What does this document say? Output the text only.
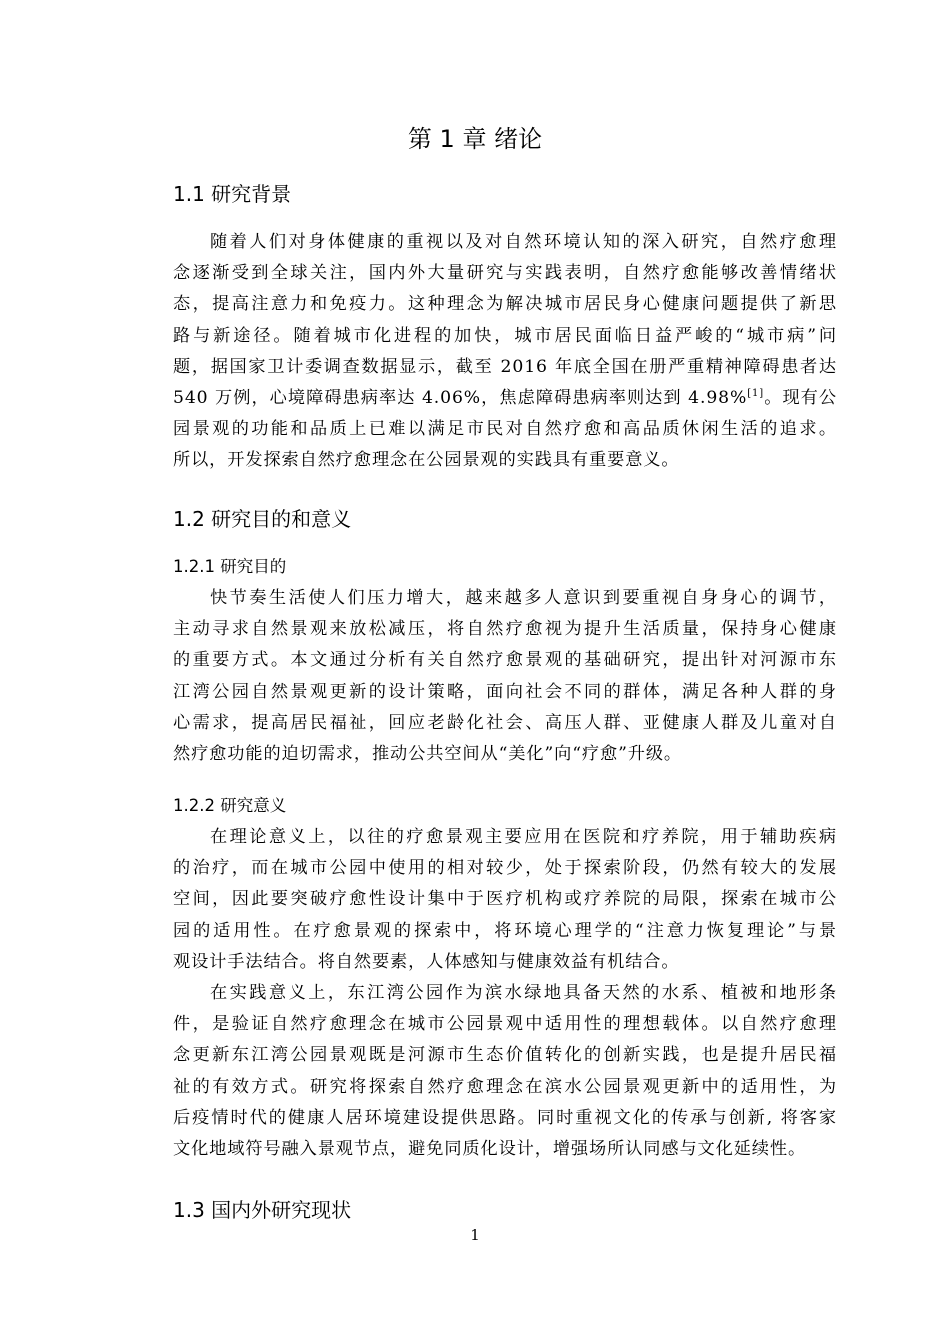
第 1 章 绪论
1.1 研究背景
随着人们对身体健康的重视以及对自然环境认知的深入研究，自然疗愈理
念逐渐受到全球关注，国内外大量研究与实践表明，自然疗愈能够改善情绪状
态，提高注意力和免疫力。这种理念为解决城市居民身心健康问题提供了新思
路与新途径。随着城市化进程的加快，城市居民面临日益严峻的“城市病”问
题，据国家卫计委调查数据显示，截至 2016 年底全国在册严重精神障碍患者达
540 万例，心境障碍患病率达 4.06%，焦虑障碍患病率则达到 4.98%[1]。现有公
园景观的功能和品质上已难以满足市民对自然疗愈和高品质休闲生活的追求。
所以，开发探索自然疗愈理念在公园景观的实践具有重要意义。
1.2 研究目的和意义
1.2.1 研究目的
快节奏生活使人们压力增大，越来越多人意识到要重视自身身心的调节，
主动寻求自然景观来放松减压，将自然疗愈视为提升生活质量，保持身心健康
的重要方式。本文通过分析有关自然疗愈景观的基础研究，提出针对河源市东
江湾公园自然景观更新的设计策略，面向社会不同的群体，满足各种人群的身
心需求，提高居民福祉，回应老龄化社会、高压人群、亚健康人群及儿童对自
然疗愈功能的迫切需求，推动公共空间从“美化”向“疗愈”升级。
1.2.2 研究意义
在理论意义上，以往的疗愈景观主要应用在医院和疗养院，用于辅助疾病
的治疗，而在城市公园中使用的相对较少，处于探索阶段，仍然有较大的发展
空间，因此要突破疗愈性设计集中于医疗机构或疗养院的局限，探索在城市公
园的适用性。在疗愈景观的探索中，将环境心理学的“注意力恢复理论”与景
观设计手法结合。将自然要素，人体感知与健康效益有机结合。
在实践意义上，东江湾公园作为滨水绿地具备天然的水系、植被和地形条
件，是验证自然疗愈理念在城市公园景观中适用性的理想载体。以自然疗愈理
念更新东江湾公园景观既是河源市生态价值转化的创新实践，也是提升居民福
祉的有效方式。研究将探索自然疗愈理念在滨水公园景观更新中的适用性，为
后疫情时代的健康人居环境建设提供思路。同时重视文化的传承与创新, 将客家
文化地域符号融入景观节点，避免同质化设计，增强场所认同感与文化延续性。
1.3 国内外研究现状
1
